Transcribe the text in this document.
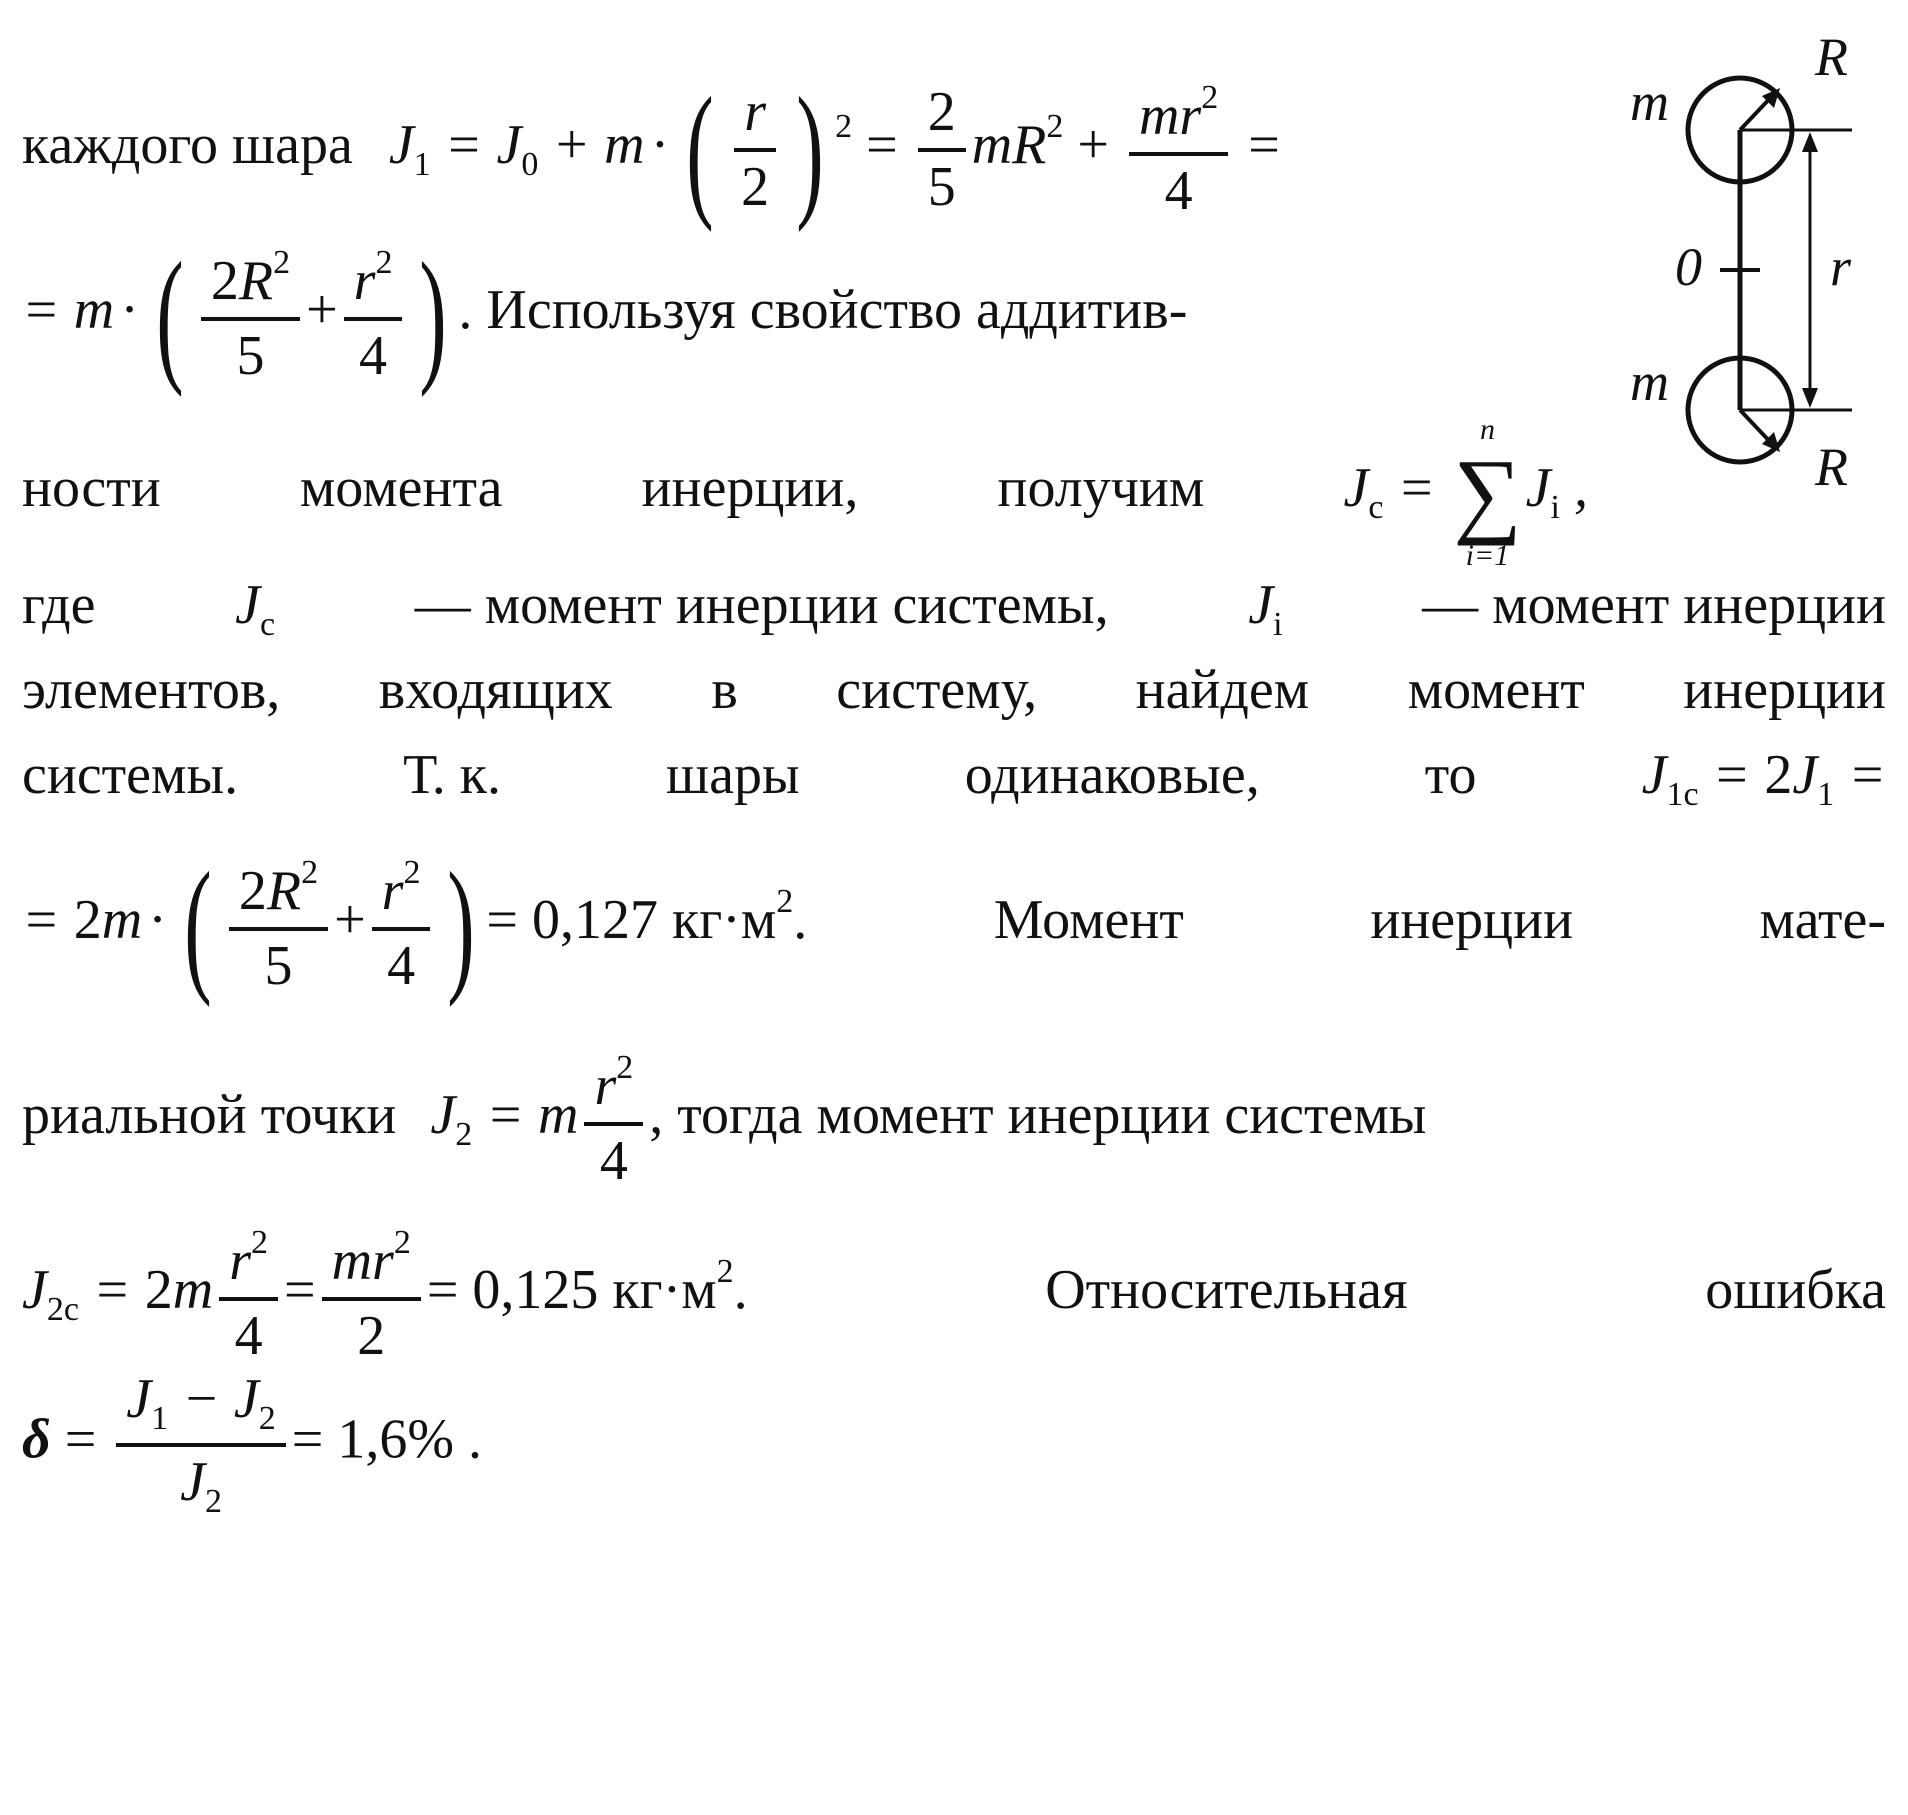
каждого шара $J_1 = J_0 + m$ · ( $\frac{r}{2}$ ) $^2 = \frac{2}{5} mR^2 + \frac{mr^2}{4}$ =
= m · ( $\frac{2R^2}{5} + \frac{r^2}{4}$ ) . Используя свойство аддитив-
ности момента инерции, получим $J_c$ =
n
∑
i=1
$J_i$ ,
где $J_c$ — момент инерции системы, $J_i$ — момент инерции
элементов, входящих в систему, найдем момент инерции
системы.	Т. к.	шары	одинаковые,	то	$J_{1c} = 2J_1$ =
= 2m · ( $\frac{2R^2}{5} + \frac{r^2}{4}$ ) = 0,127 $кг\cdot м^2$.	Момент	инерции	мате-
риальной точки $J_2 = m \frac{r^2}{4}$ , тогда момент инерции системы
$J_{2c} = 2m \frac{r^2}{4} = \frac{mr^2}{2} = 0,125$ $кг\cdot м^2$.	Относительная	ошибка
$\delta = \frac{J_1 - J_2}{J_2} = 1,6\%$ .
m
R
0 r
m
R
